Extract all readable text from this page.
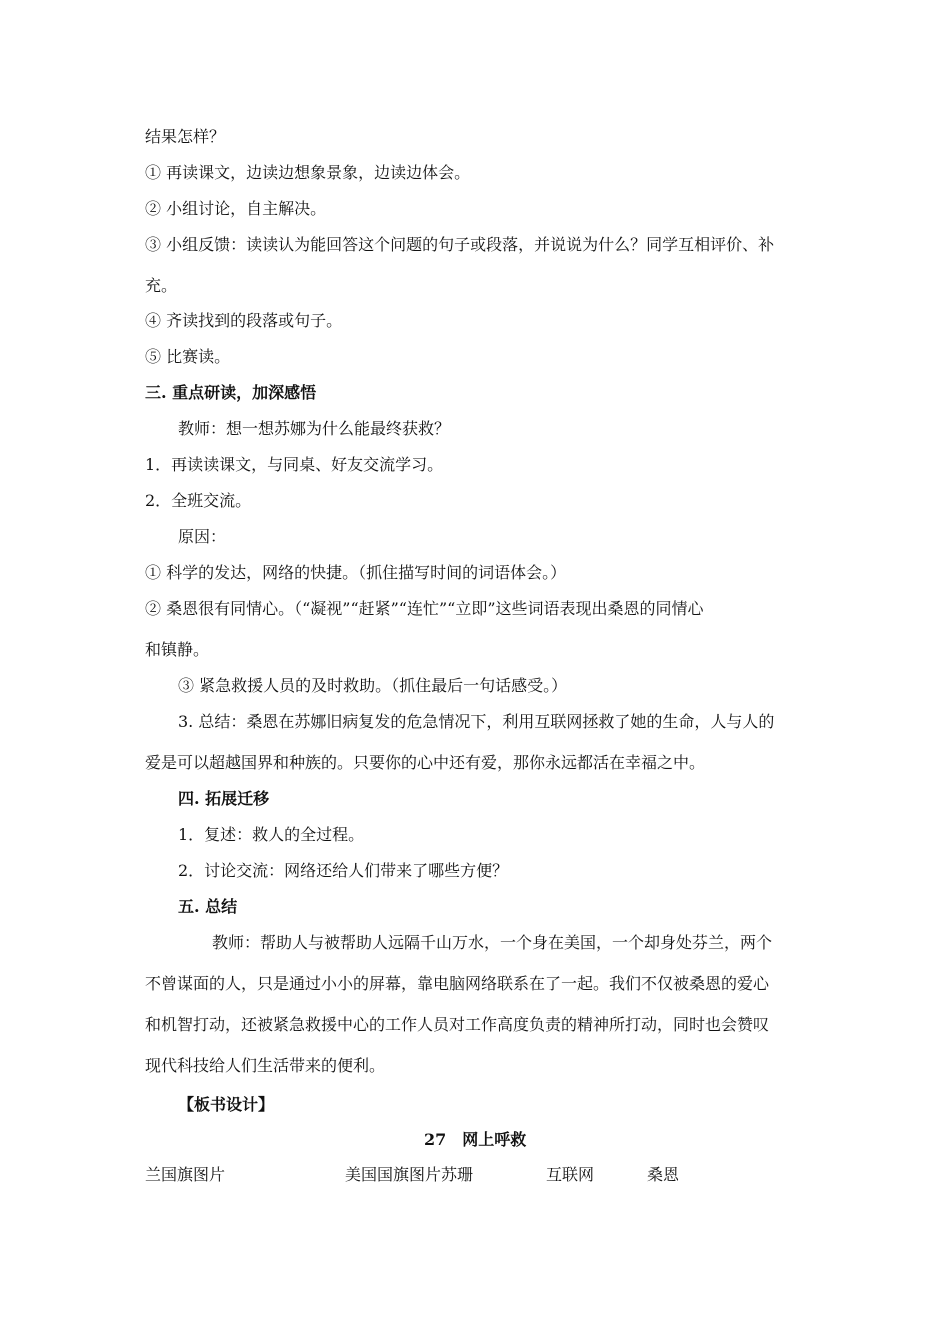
结果怎样？
① 再读课文，边读边想象景象，边读边体会。
② 小组讨论，自主解决。
③ 小组反馈：读读认为能回答这个问题的句子或段落，并说说为什么？同学互相评价、补
充。
④ 齐读找到的段落或句子。
⑤ 比赛读。
三. 重点研读，加深感悟
教师：想一想苏娜为什么能最终获救？
1．再读读课文，与同桌、好友交流学习。
2．全班交流。
原因：
① 科学的发达，网络的快捷。（抓住描写时间的词语体会。）
② 桑恩很有同情心。（“凝视”“赶紧”“连忙”“立即”这些词语表现出桑恩的同情心
和镇静。
③ 紧急救援人员的及时救助。（抓住最后一句话感受。）
3. 总结：桑恩在苏娜旧病复发的危急情况下，利用互联网拯救了她的生命，人与人的
爱是可以超越国界和种族的。只要你的心中还有爱，那你永远都活在幸福之中。
四. 拓展迁移
1．复述：救人的全过程。
2．讨论交流：网络还给人们带来了哪些方便？
五. 总结
教师：帮助人与被帮助人远隔千山万水，一个身在美国，一个却身处芬兰，两个
不曾谋面的人，只是通过小小的屏幕，靠电脑网络联系在了一起。我们不仅被桑恩的爱心
和机智打动，还被紧急救援中心的工作人员对工作高度负责的精神所打动，同时也会赞叹
现代科技给人们生活带来的便利。
【板书设计】
27　网上呼救
兰国旗图片	美国国旗图片苏珊	互联网	桑恩
